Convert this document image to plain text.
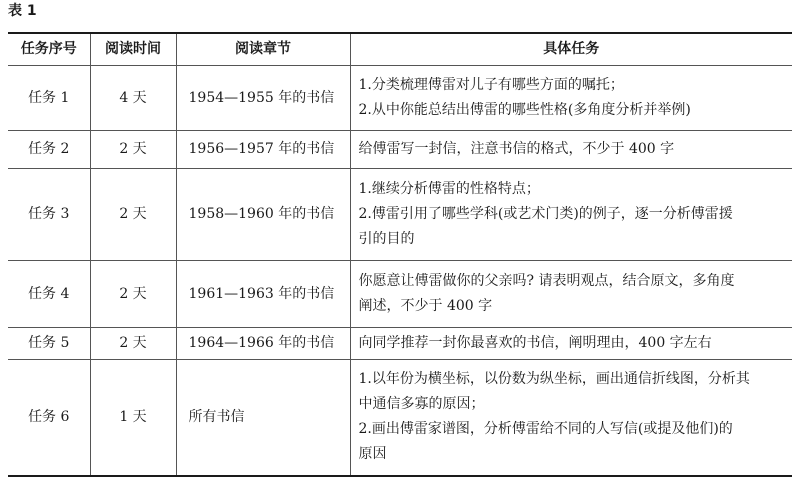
表 1
任务序号	阅读时间	阅读章节	具体任务
任务 1	4 天	1954—1955 年的书信	1.分类梳理傅雷对儿子有哪些方面的嘱托；
2.从中你能总结出傅雷的哪些性格(多角度分析并举例)

任务 2	2 天	1956—1957 年的书信	给傅雷写一封信，注意书信的格式，不少于 400 字

任务 3	2 天	1958—1960 年的书信	1.继续分析傅雷的性格特点；
2.傅雷引用了哪些学科(或艺术门类)的例子，逐一分析傅雷援
引的目的

任务 4	2 天	1961—1963 年的书信	你愿意让傅雷做你的父亲吗? 请表明观点，结合原文，多角度
阐述，不少于 400 字

任务 5	2 天	1964—1966 年的书信	向同学推荐一封你最喜欢的书信，阐明理由，400 字左右

任务 6	1 天	所有书信	1.以年份为横坐标，以份数为纵坐标，画出通信折线图，分析其
中通信多寡的原因；
2.画出傅雷家谱图，分析傅雷给不同的人写信(或提及他们)的
原因
